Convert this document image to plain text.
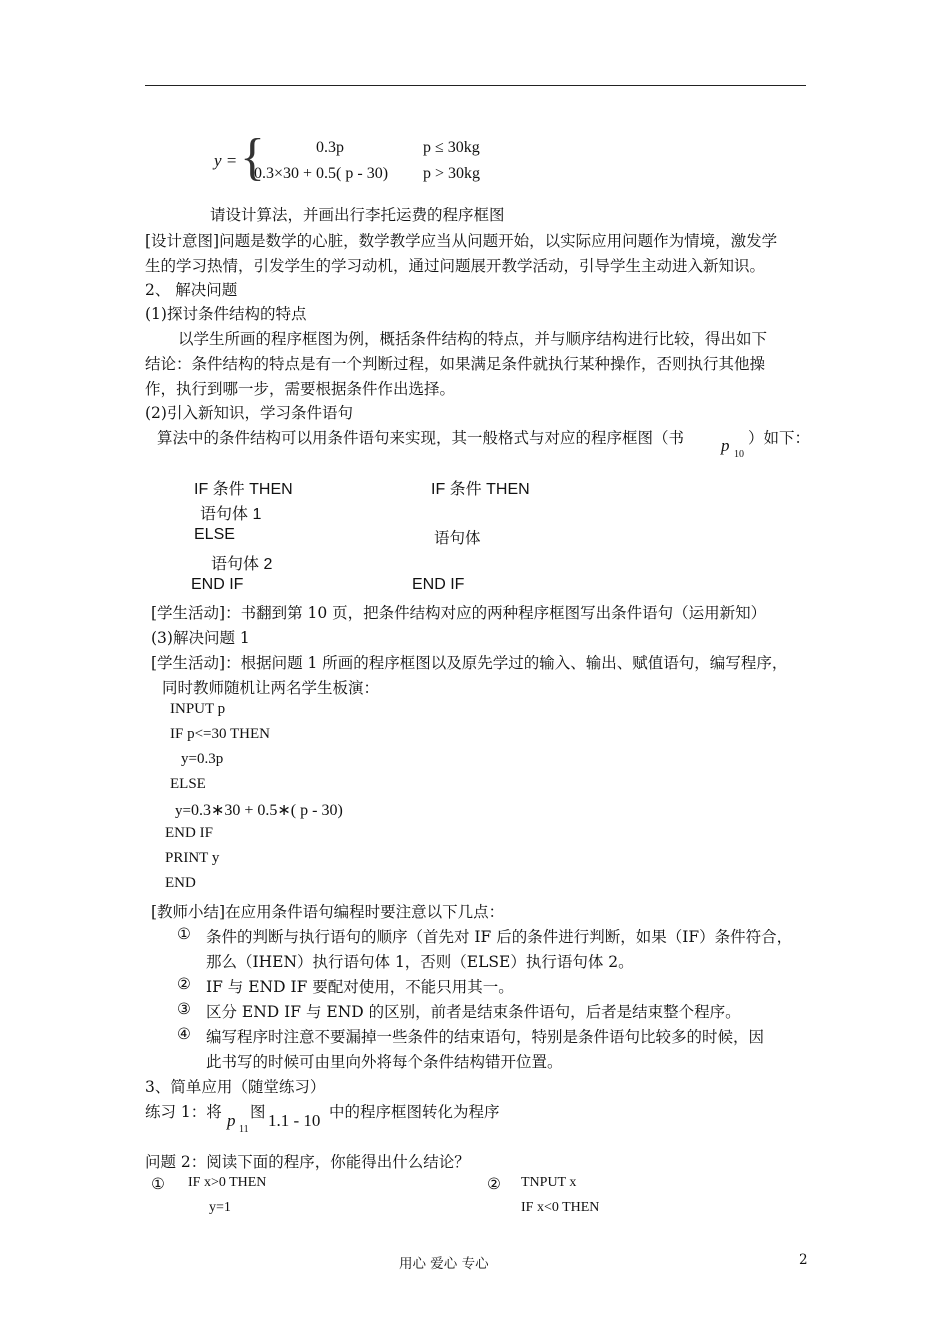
y = {	0.3p	p ≤ 30kg
0.3×30 + 0.5( p - 30) p > 30kg
请设计算法，并画出行李托运费的程序框图
[设计意图]问题是数学的心脏，数学教学应当从问题开始，以实际应用问题作为情境，激发学
生的学习热情，引发学生的学习动机，通过问题展开教学活动，引导学生主动进入新知识。
2、 解决问题
(1)探讨条件结构的特点
以学生所画的程序框图为例，概括条件结构的特点，并与顺序结构进行比较，得出如下
结论：条件结构的特点是有一个判断过程，如果满足条件就执行某种操作，否则执行其他操
作，执行到哪一步，需要根据条件作出选择。
(2)引入新知识，学习条件语句
算法中的条件结构可以用条件语句来实现，其一般格式与对应的程序框图（书 p 10
）如下：
IF 条件 THEN
语句体 1
ELSE
语句体 2
END IF
IF 条件 THEN
语句体
END IF
[学生活动]：书翻到第 10 页，把条件结构对应的两种程序框图写出条件语句（运用新知）
(3)解决问题 1
[学生活动]：根据问题 1 所画的程序框图以及原先学过的输入、输出、赋值语句，编写程序，
同时教师随机让两名学生板演：
INPUT p
IF p<=30 THEN
y=0.3p
ELSE
y=0.3∗30 + 0.5∗( p - 30)
END IF
PRINT y
END
[教师小结]在应用条件语句编程时要注意以下几点：
① 条件的判断与执行语句的顺序（首先对 IF 后的条件进行判断，如果（IF）条件符合，
那么（IHEN）执行语句体 1，否则（ELSE）执行语句体 2。
② IF 与 END IF 要配对使用，不能只用其一。
③ 区分 END IF 与 END 的区别，前者是结束条件语句，后者是结束整个程序。
④ 编写程序时注意不要漏掉一些条件的结束语句，特别是条件语句比较多的时候，因
此书写的时候可由里向外将每个条件结构错开位置。
3、简单应用（随堂练习）
练习 1：将 p 11
图 1.1 - 10 中的程序框图转化为程序
问题 2：阅读下面的程序，你能得出什么结论？
① IF x>0 THEN
y=1
② TNPUT x
IF x<0 THEN
用心 爱心 专心	2
